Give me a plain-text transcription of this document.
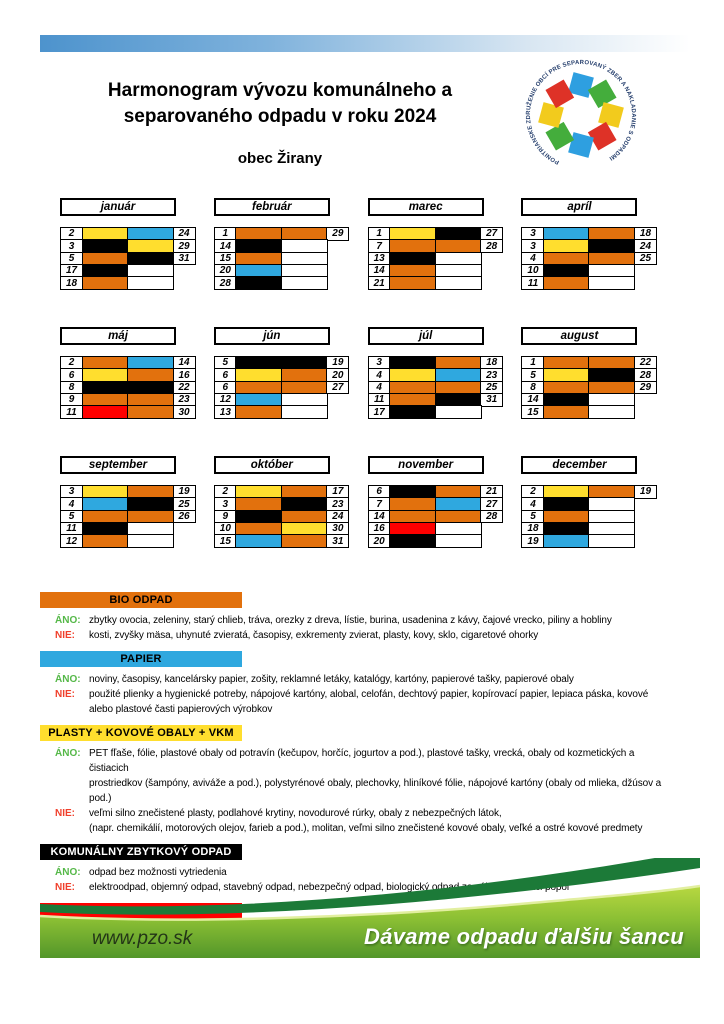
Harmonogram vývozu komunálneho a
separovaného odpadu v roku 2024
obec Žirany	PONITRIANSKE ZDRUŽENIE OBCÍ PRE SEPAROVANÝ ZBER A NAKLADANIE S ODPADMI
január
2	24
3	29
5	31
17
18
február
1	29
14
15
20
28
marec
1	27
7	28
13
14
21
apríl
3	18
3	24
4	25
10
11
máj
2	14
6	16
8	22
9	23
11	30
jún
5	19
6	20
6	27
12
13
júl
3	18
4	23
4	25
11	31
17
august
1	22
5	28
8	29
14
15
september
3	19
4	25
5	26
11
12
október
2	17
3	23
9	24
10	30
15	31
november
6	21
7	27
14	28
16
20
december
2	19
4
5
18
19
BIO ODPAD
ÁNO: zbytky ovocia, zeleniny, starý chlieb, tráva, orezky z dreva, lístie, burina, usadenina z kávy, čajové vrecko, piliny a hobliny
NIE:	kosti, zvyšky mäsa, uhynuté zvieratá, časopisy, exkrementy zvierat, plasty, kovy, sklo, cigaretové ohorky
PAPIER
ÁNO: noviny, časopisy, kancelársky papier, zošity, reklamné letáky, katalógy, kartóny, papierové tašky, papierové obaly
NIE:	použité plienky a hygienické potreby, nápojové kartóny, alobal, celofán, dechtový papier, kopírovací papier, lepiaca páska, kovové
alebo plastové časti papierových výrobkov
PLASTY + KOVOVÉ OBALY + VKM
ÁNO: PET fľaše, fólie, plastové obaly od potravín (kečupov, horčíc, jogurtov a pod.), plastové tašky, vrecká, obaly od kozmetických a čistiacich
prostriedkov (šampóny, aviváže a pod.), polystyrénové obaly, plechovky, hliníkové fólie, nápojové kartóny (obaly od mlieka, džúsov a pod.)
NIE:	veľmi silno znečistené plasty, podlahové krytiny, novodurové rúrky, obaly z nebezpečných látok,
(napr. chemikálií, motorových olejov, farieb a pod.), molitan, veľmi silno znečistené kovové obaly, veľké a ostré kovové predmety
KOMUNÁLNY ZBYTKOVÝ ODPAD
ÁNO: odpad bez možnosti vytriedenia
NIE:	elektroodpad, objemný odpad, stavebný odpad, nebezpečný odpad, biologický odpad zo záhrad a horúci popol
www.pzo.sk	Dávame odpadu ďalšiu šancu
